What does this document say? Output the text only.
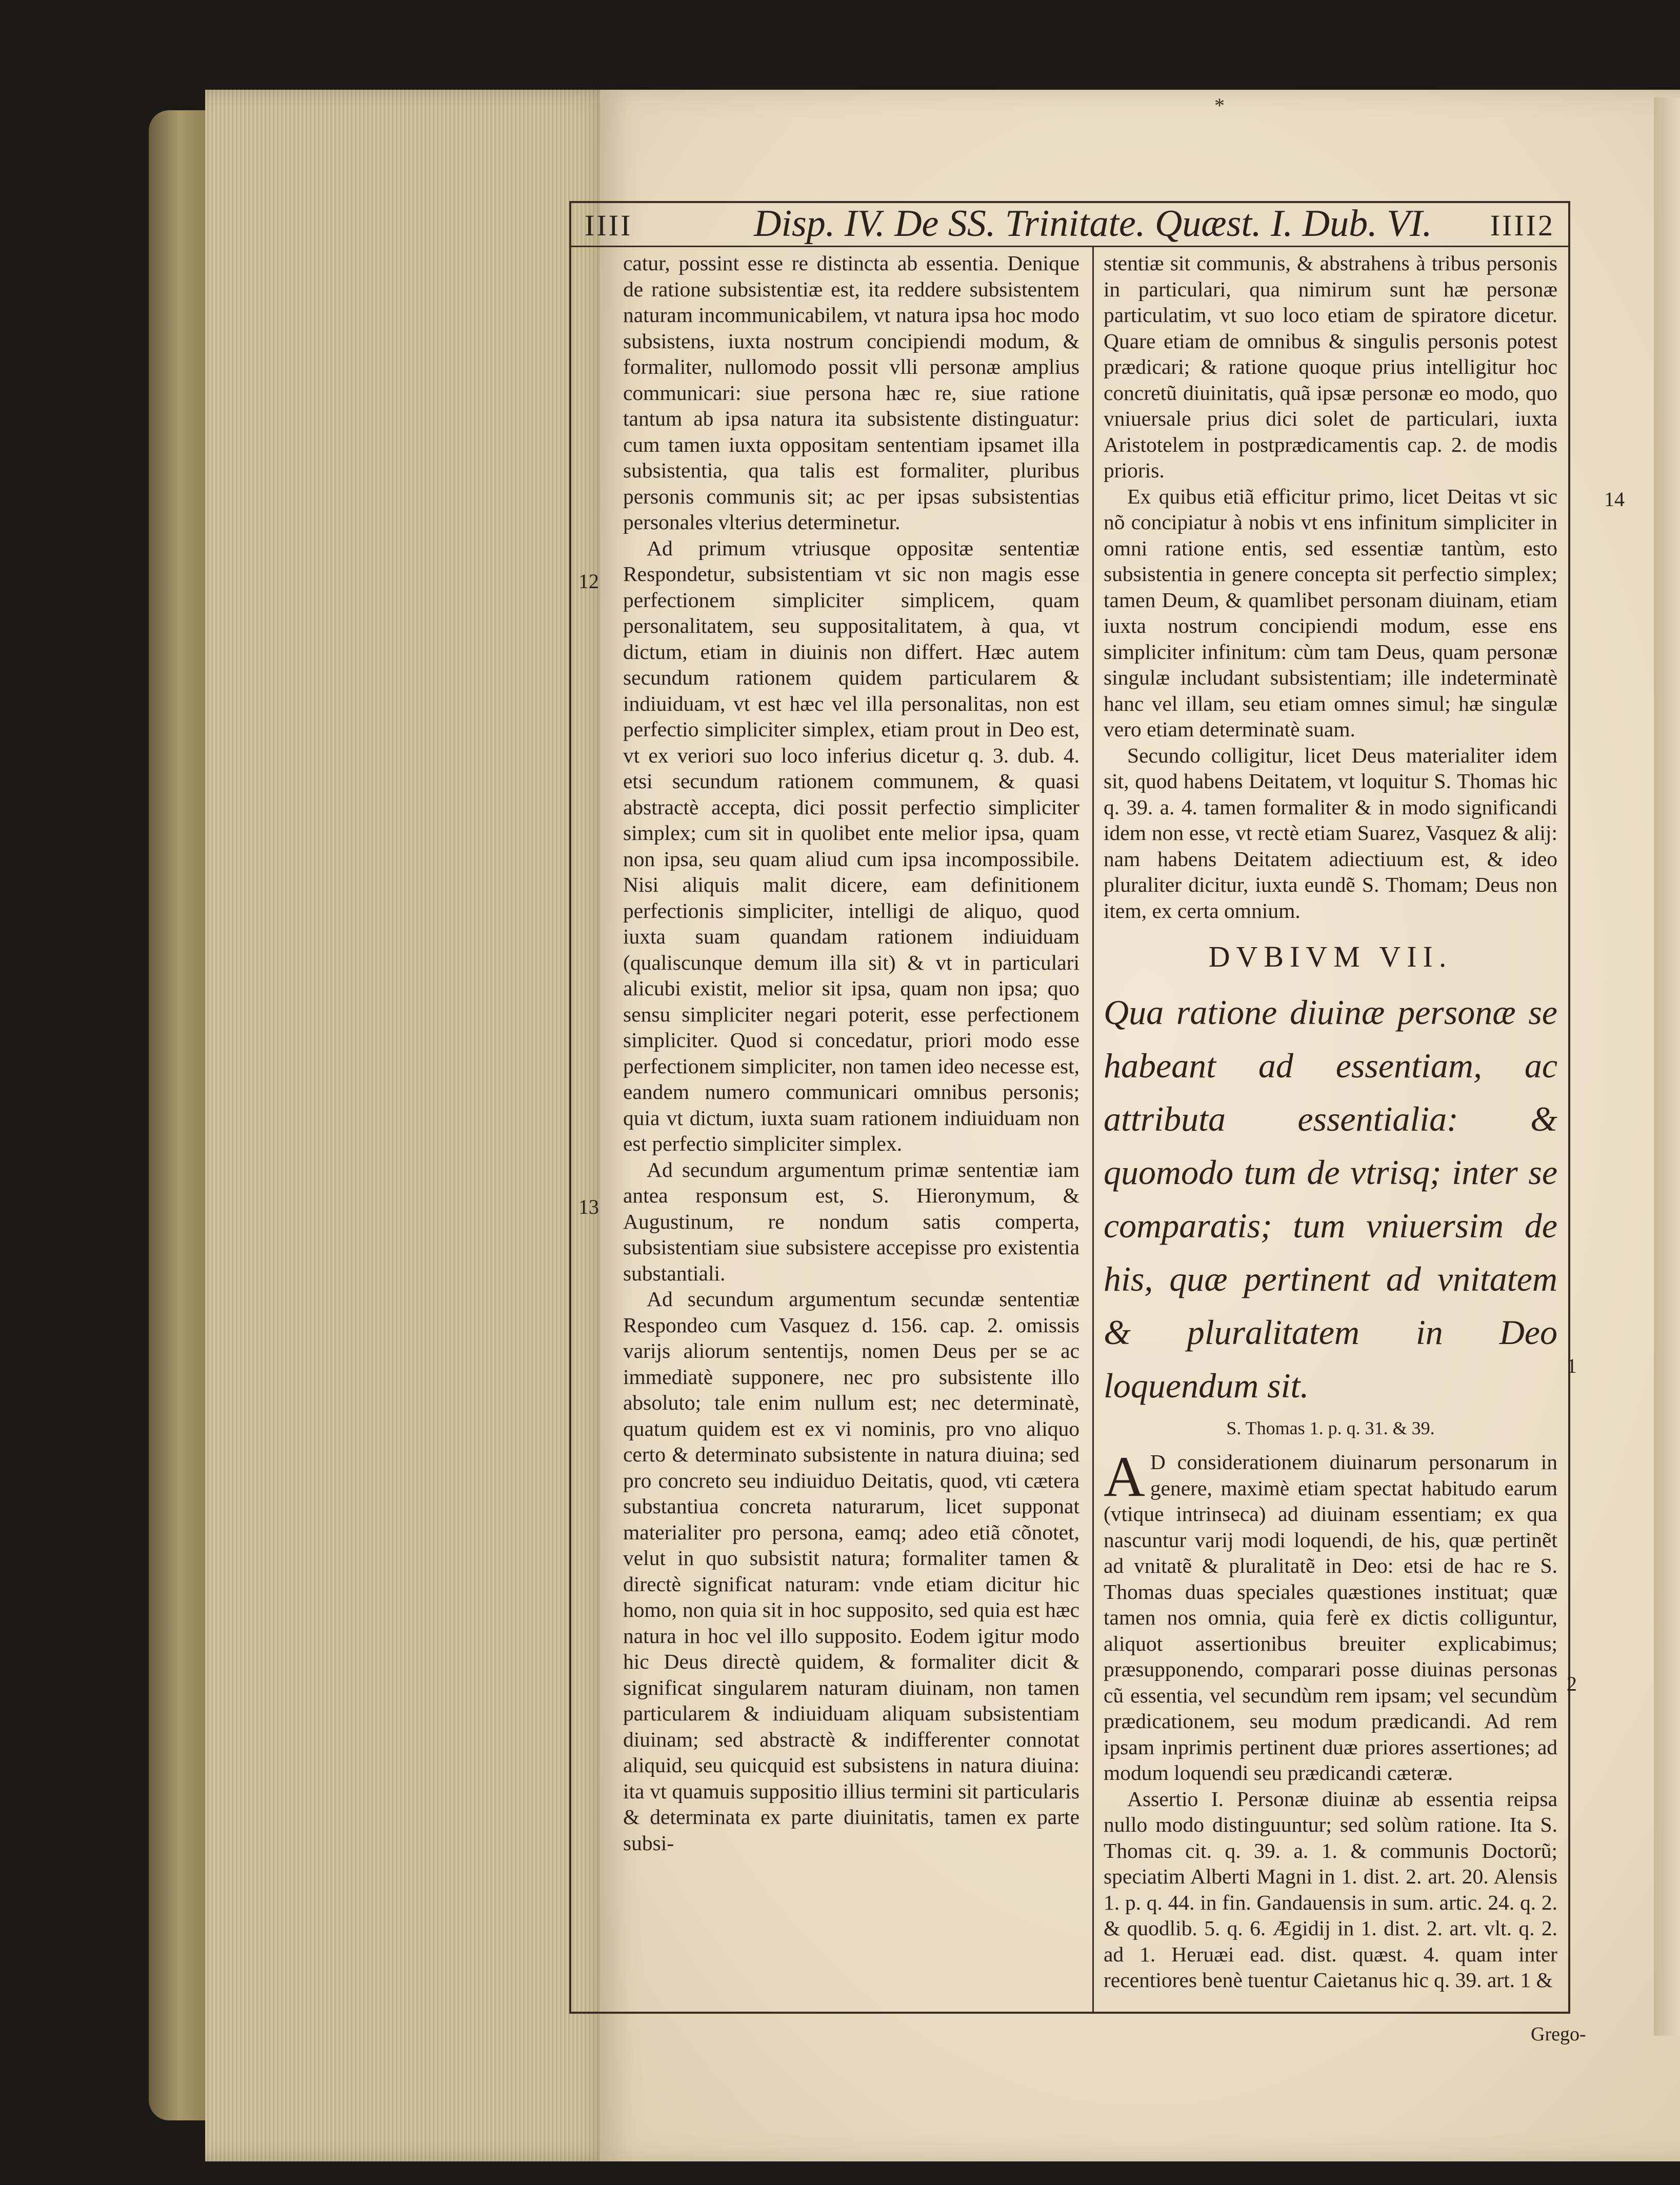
*
IIII	Disp. IV. De SS. Trinitate. Quæst. I. Dub. VI. IIII2

catur, possint esse re distincta ab essentia. Denique de ratione subsistentiæ est, ita reddere subsistentem naturam incommunicabilem, vt natura ipsa hoc modo subsistens, iuxta nostrum concipiendi modum, & formaliter, nullomodo possit vlli personæ amplius communicari: siue persona hæc re, siue ratione tantum ab ipsa natura ita subsistente distinguatur: cum tamen iuxta oppositam sententiam ipsamet illa subsistentia, qua talis est formaliter, pluribus personis communis sit; ac per ipsas subsistentias personales vlterius determinetur.

Ad primum vtriusque oppositæ sententiæ Respondetur, subsistentiam vt sic non magis esse perfectionem simpliciter simplicem, quam personalitatem, seu suppositalitatem, à qua, vt dictum, etiam in diuinis non differt. Hæc autem secundum rationem quidem particularem & indiuiduam, vt est hæc vel illa personalitas, non est perfectio simpliciter simplex, etiam prout in Deo est, vt ex veriori suo loco inferius dicetur q. 3. dub. 4. etsi secundum rationem communem, & quasi abstractè accepta, dici possit perfectio simpliciter simplex; cum sit in quolibet ente melior ipsa, quam non ipsa, seu quam aliud cum ipsa incompossibile. Nisi aliquis malit dicere, eam definitionem perfectionis simpliciter, intelligi de aliquo, quod iuxta suam quandam rationem indiuiduam (qualiscunque demum illa sit) & vt in particulari alicubi existit, melior sit ipsa, quam non ipsa; quo sensu simpliciter negari poterit, esse perfectionem simpliciter. Quod si concedatur, priori modo esse perfectionem simpliciter, non tamen ideo necesse est, eandem numero communicari omnibus personis; quia vt dictum, iuxta suam rationem indiuiduam non est perfectio simpliciter simplex.

Ad secundum argumentum primæ sententiæ iam antea responsum est, S. Hieronymum, & Augustinum, re nondum satis comperta, subsistentiam siue subsistere accepisse pro existentia substantiali.

Ad secundum argumentum secundæ sententiæ Respondeo cum Vasquez d. 156. cap. 2. omissis varijs aliorum sententijs, nomen Deus per se ac immediatè supponere, nec pro subsistente illo absoluto; tale enim nullum est; nec determinatè, quatum quidem est ex vi nominis, pro vno aliquo certo & determinato subsistente in natura diuina; sed pro concreto seu indiuiduo Deitatis, quod, vti cætera substantiua concreta naturarum, licet supponat materialiter pro persona, eamq; adeo etiã cõnotet, velut in quo subsistit natura; formaliter tamen & directè significat naturam: vnde etiam dicitur hic homo, non quia sit in hoc supposito, sed quia est hæc natura in hoc vel illo supposito. Eodem igitur modo hic Deus directè quidem, & formaliter dicit & significat singularem naturam diuinam, non tamen particularem & indiuiduam aliquam subsistentiam diuinam; sed abstractè & indifferenter connotat aliquid, seu quicquid est subsistens in natura diuina: ita vt quamuis suppositio illius termini sit particularis & determinata ex parte diuinitatis, tamen ex parte subsi-

stentiæ sit communis, & abstrahens à tribus personis in particulari, qua nimirum sunt hæ personæ particulatim, vt suo loco etiam de spiratore dicetur. Quare etiam de omnibus & singulis personis potest prædicari; & ratione quoque prius intelligitur hoc concretũ diuinitatis, quã ipsæ personæ eo modo, quo vniuersale prius dici solet de particulari, iuxta Aristotelem in postprædicamentis cap. 2. de modis prioris.

Ex quibus etiã efficitur primo, licet Deitas vt sic nõ concipiatur à nobis vt ens infinitum simpliciter in omni ratione entis, sed essentiæ tantùm, esto subsistentia in genere concepta sit perfectio simplex; tamen Deum, & quamlibet personam diuinam, etiam iuxta nostrum concipiendi modum, esse ens simpliciter infinitum: cùm tam Deus, quam personæ singulæ includant subsistentiam; ille indeterminatè hanc vel illam, seu etiam omnes simul; hæ singulæ vero etiam determinatè suam.

Secundo colligitur, licet Deus materialiter idem sit, quod habens Deitatem, vt loquitur S. Thomas hic q. 39. a. 4. tamen formaliter & in modo significandi idem non esse, vt rectè etiam Suarez, Vasquez & alij: nam habens Deitatem adiectiuum est, & ideo pluraliter dicitur, iuxta eundẽ S. Thomam; Deus non item, ex certa omnium.

DVBIVM VII.

Qua ratione diuinæ personæ se habeant ad essentiam, ac attributa essentialia: & quomodo tum de vtrisq; inter se comparatis; tum vniuersim de his, quæ pertinent ad vnitatem & pluralitatem in Deo loquendum sit.

S. Thomas 1. p. q. 31. & 39.

A D considerationem diuinarum personarum in genere, maximè etiam spectat habitudo earum (vtique intrinseca) ad diuinam essentiam; ex qua nascuntur varij modi loquendi, de his, quæ pertinẽt ad vnitatẽ & pluralitatẽ in Deo: etsi de hac re S. Thomas duas speciales quæstiones instituat; quæ tamen nos omnia, quia ferè ex dictis colliguntur, aliquot assertionibus breuiter explicabimus; præsupponendo, comparari posse diuinas personas cũ essentia, vel secundùm rem ipsam; vel secundùm prædicationem, seu modum prædicandi. Ad rem ipsam inprimis pertinent duæ priores assertiones; ad modum loquendi seu prædicandi cæteræ.

Assertio I. Personæ diuinæ ab essentia reipsa nullo modo distinguuntur; sed solùm ratione. Ita S. Thomas cit. q. 39. a. 1. & communis Doctorũ; speciatim Alberti Magni in 1. dist. 2. art. 20. Alensis 1. p. q. 44. in fin. Gandauensis in sum. artic. 24. q. 2. & quodlib. 5. q. 6. Ægidij in 1. dist. 2. art. vlt. q. 2. ad 1. Heruæi ead. dist. quæst. 4. quam inter recentiores benè tuentur Caietanus hic q. 39. art. 1 &

12
13
14
1
2
Grego-
